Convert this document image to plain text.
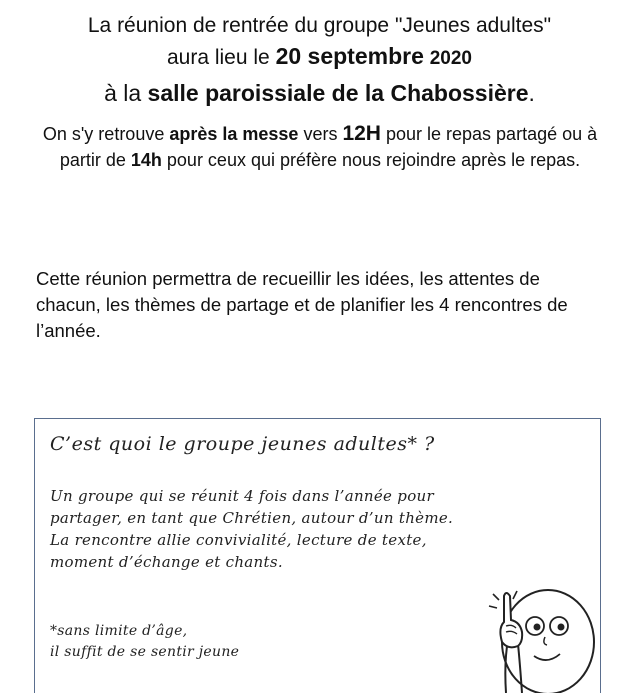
La réunion de rentrée du groupe "Jeunes adultes"
aura lieu le 20 septembre 2020
à la salle paroissiale de la Chabossière.
On s'y retrouve après la messe vers 12H pour le repas partagé ou à partir de 14h pour ceux qui préfère nous rejoindre après le repas.
Cette réunion permettra de recueillir les idées, les attentes de chacun, les thèmes de partage et de planifier les 4 rencontres de l’année.
C’est quoi le groupe jeunes adultes* ?
Un groupe qui se réunit 4 fois dans l’année pour
partager, en tant que Chrétien, autour d’un thème.
La rencontre allie convivialité, lecture de texte,
moment d’échange et chants.
*sans limite d’âge,
il suffit de se sentir jeune
